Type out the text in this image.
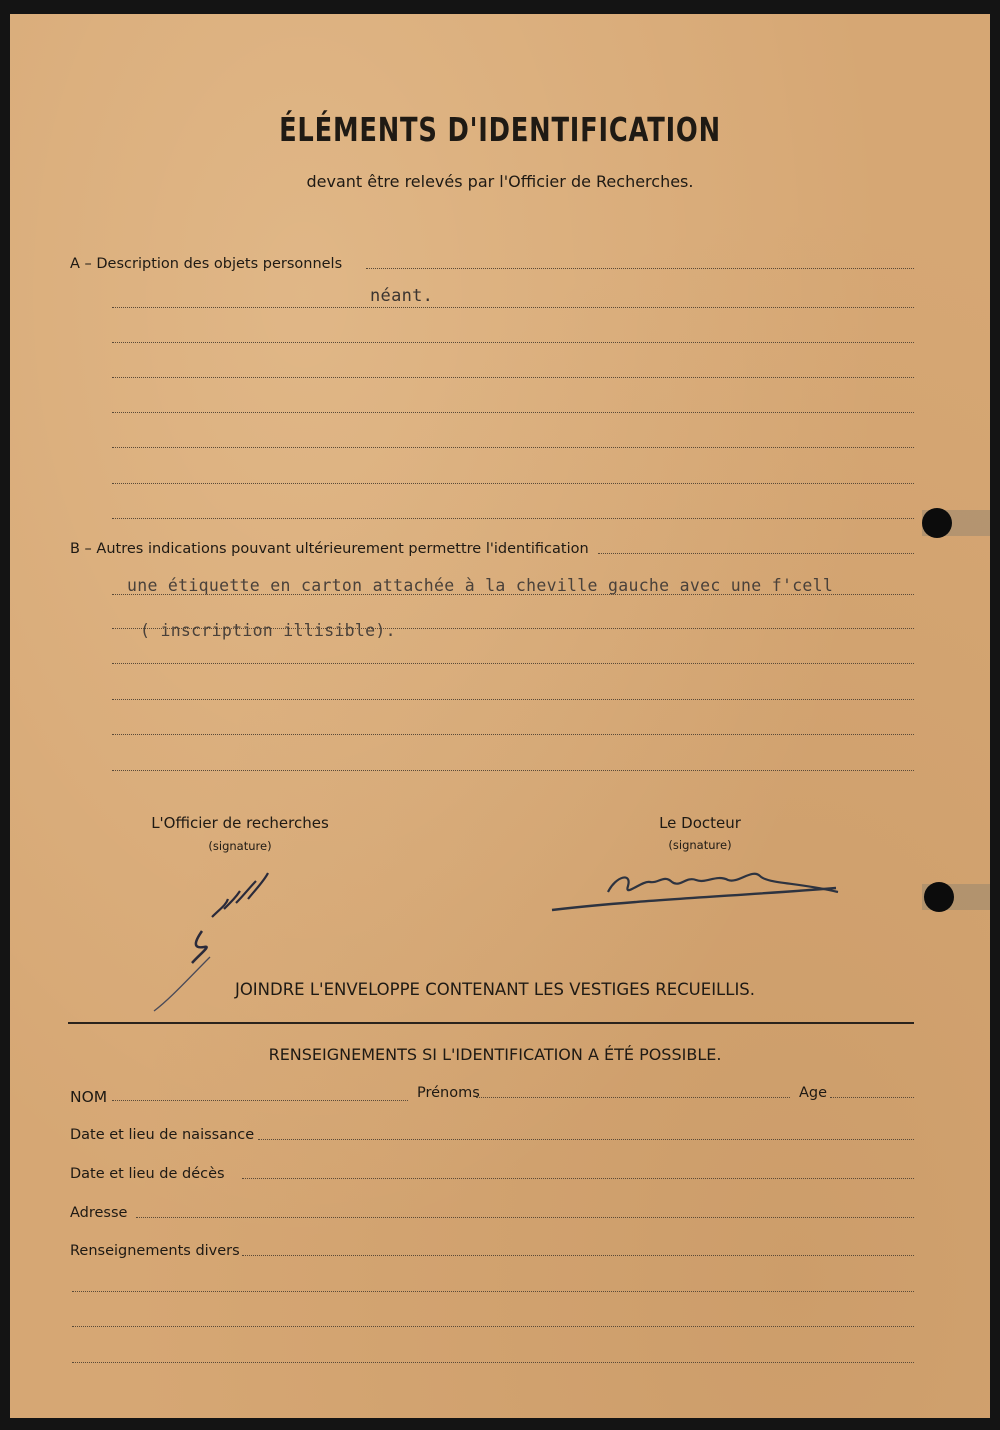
ÉLÉMENTS D'IDENTIFICATION
devant être relevés par l'Officier de Recherches.
A – Description des objets personnels
néant.
B – Autres indications pouvant ultérieurement permettre l'identification
une étiquette en carton attachée à la cheville gauche avec une f'cell
( inscription illisible).
L'Officier de recherches
(signature)
Le Docteur
(signature)
JOINDRE L'ENVELOPPE CONTENANT LES VESTIGES RECUEILLIS.
RENSEIGNEMENTS SI L'IDENTIFICATION A ÉTÉ POSSIBLE.
NOM	Prénoms	Age
Date et lieu de naissance
Date et lieu de décès
Adresse
Renseignements divers
